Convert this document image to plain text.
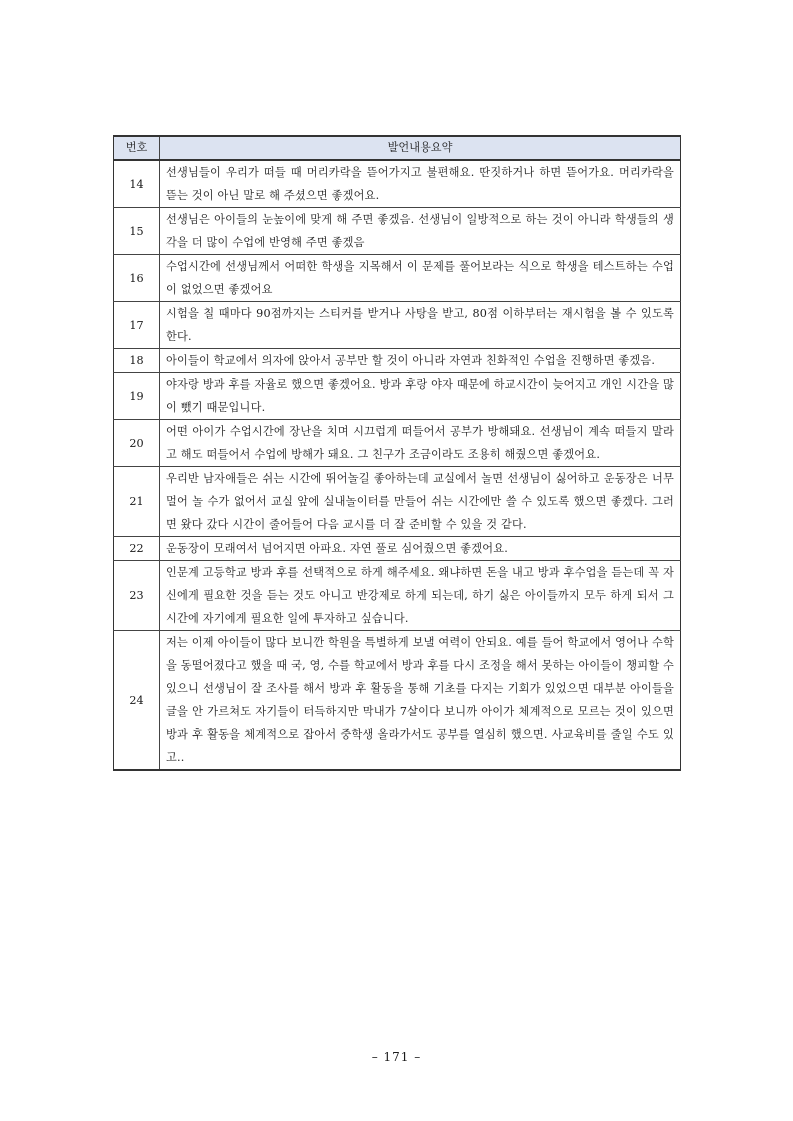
번호	발언내용요약
14	선생님들이 우리가 떠들 때 머리카락을 뜯어가지고 불편해요. 딴짓하거나 하면 뜯어가요. 머리카락을 뜯는 것이 아닌 말로 해 주셨으면 좋겠어요.
15	선생님은 아이들의 눈높이에 맞게 해 주면 좋겠음. 선생님이 일방적으로 하는 것이 아니라 학생들의 생각을 더 많이 수업에 반영해 주면 좋겠음
16	수업시간에 선생님께서 어떠한 학생을 지목해서 이 문제를 풀어보라는 식으로 학생을 테스트하는 수업이 없었으면 좋겠어요
17	시험을 칠 때마다 90점까지는 스티커를 받거나 사탕을 받고, 80점 이하부터는 재시험을 볼 수 있도록 한다.
18	아이들이 학교에서 의자에 앉아서 공부만 할 것이 아니라 자연과 친화적인 수업을 진행하면 좋겠음.
19	야자랑 방과 후를 자율로 했으면 좋겠어요. 방과 후랑 야자 때문에 하교시간이 늦어지고 개인 시간을 많이 뺐기 때문입니다.
20	어떤 아이가 수업시간에 장난을 치며 시끄럽게 떠들어서 공부가 방해돼요. 선생님이 계속 떠들지 말라고 해도 떠들어서 수업에 방해가 돼요. 그 친구가 조금이라도 조용히 해줬으면 좋겠어요.
21	우리반 남자애들은 쉬는 시간에 뛰어놀길 좋아하는데 교실에서 놀면 선생님이 싫어하고 운동장은 너무 멀어 놀 수가 없어서 교실 앞에 실내놀이터를 만들어 쉬는 시간에만 쓸 수 있도록 했으면 좋겠다. 그러면 왔다 갔다 시간이 줄어들어 다음 교시를 더 잘 준비할 수 있을 것 같다.
22	운동장이 모래여서 넘어지면 아파요. 자연 풀로 심어줬으면 좋겠어요.
23	인문계 고등학교 방과 후를 선택적으로 하게 해주세요. 왜냐하면 돈을 내고 방과 후수업을 듣는데 꼭 자신에게 필요한 것을 듣는 것도 아니고 반강제로 하게 되는데, 하기 싫은 아이들까지 모두 하게 되서 그 시간에 자기에게 필요한 일에 투자하고 싶습니다.
24	저는 이제 아이들이 많다 보니깐 학원을 특별하게 보낼 여력이 안되요. 예를 들어 학교에서 영어나 수학을 동떨어졌다고 했을 때 국, 영, 수를 학교에서 방과 후를 다시 조정을 해서 못하는 아이들이 챙피할 수 있으니 선생님이 잘 조사를 해서 방과 후 활동을 통해 기초를 다지는 기회가 있었으면 대부분 아이들을 글을 안 가르쳐도 자기들이 터득하지만 막내가 7살이다 보니까 아이가 체계적으로 모르는 것이 있으면 방과 후 활동을 체계적으로 잡아서 중학생 올라가서도 공부를 열심히 했으면. 사교육비를 줄일 수도 있고..
– 171 –
